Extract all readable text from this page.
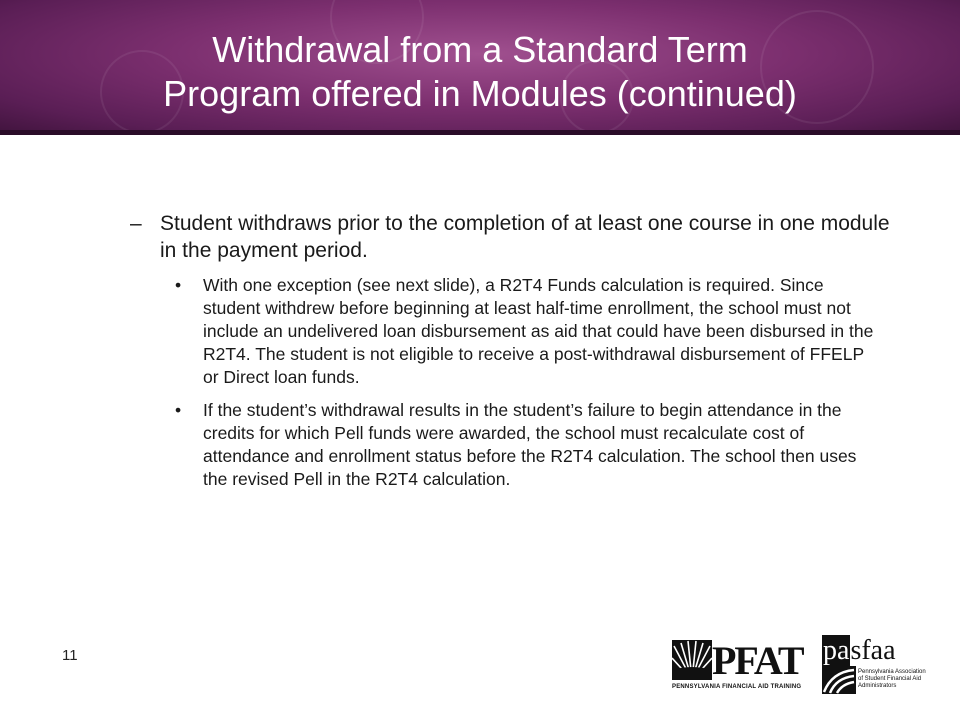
Withdrawal from a Standard Term
Program offered in Modules (continued)
– Student withdraws prior to the completion of at least one course in one module in the payment period.
•	With one exception (see next slide), a R2T4 Funds calculation is required. Since student withdrew before beginning at least half-time enrollment, the school must not include an undelivered loan disbursement as aid that could have been disbursed in the R2T4. The student is not eligible to receive a post-withdrawal disbursement of FFELP or Direct loan funds.
•	If the student’s withdrawal results in the student’s failure to begin attendance in the credits for which Pell funds were awarded, the school must recalculate cost of attendance and enrollment status before the R2T4 calculation. The school then uses the revised Pell in the R2T4 calculation.
11	PFAT
PENNSYLVANIA FINANCIAL AID TRAINING
pasfaa
Pennsylvania Association of Student Financial Aid Administrators
